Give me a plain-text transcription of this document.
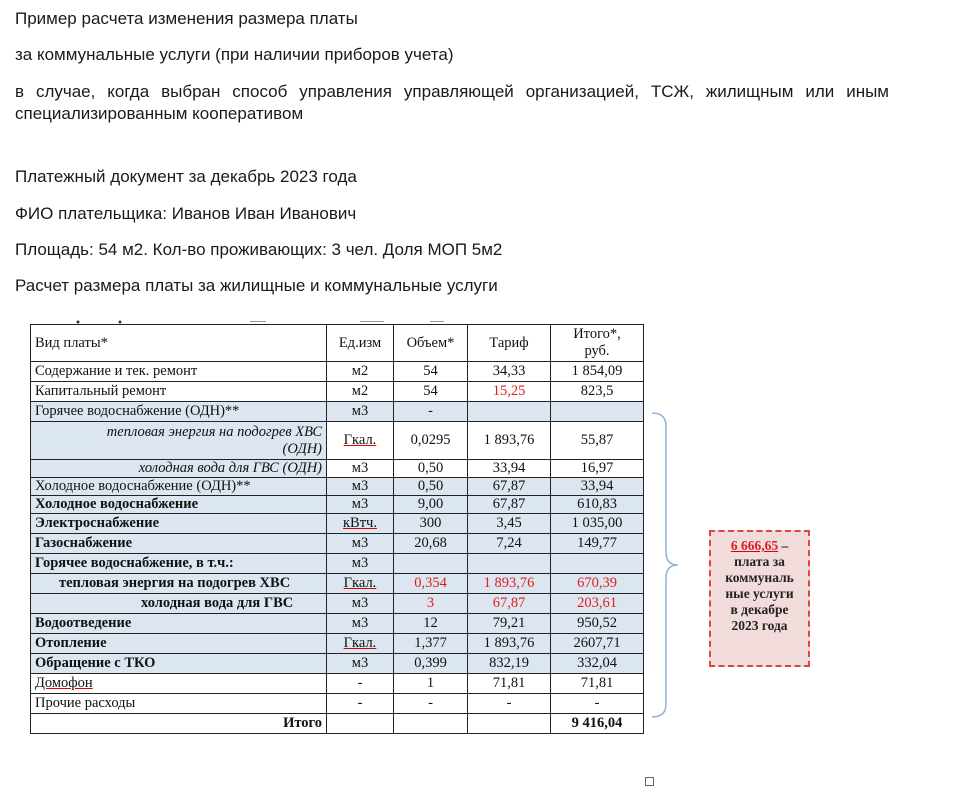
Пример расчета изменения размера платы
за коммунальные услуги (при наличии приборов учета)
в случае, когда выбран способ управления управляющей организацией, ТСЖ, жилищным или иным специализированным кооперативом
Платежный документ за декабрь 2023 года
ФИО плательщика: Иванов Иван Иванович
Площадь: 54 м2. Кол-во проживающих: 3 чел. Доля МОП 5м2
Расчет размера платы за жилищные и коммунальные услуги
Вид платы*	Ед.изм	Объем*	Тариф	Итого*,
руб.

Содержание и тек. ремонт	м2	54	34,33	1 854,09
Капитальный ремонт	м2	54	15,25	823,5
Горячее водоснабжение (ОДН)**	м3	-		

тепловая энергия на подогрев ХВС
(ОДН)	Гкал.	0,0295	1 893,76	55,87
холодная вода для ГВС (ОДН)	м3	0,50	33,94	16,97
Холодное водоснабжение (ОДН)**	м3	0,50	67,87	33,94
Холодное водоснабжение	м3	9,00	67,87	610,83
Электроснабжение	кВтч.	300	3,45	1 035,00
Газоснабжение	м3	20,68	7,24	149,77
Горячее водоснабжение, в т.ч.:	м3			
тепловая энергия на подогрев ХВС	Гкал.	0,354	1 893,76	670,39
холодная вода для ГВС	м3	3	67,87	203,61
Водоотведение	м3	12	79,21	950,52
Отопление	Гкал.	1,377	1 893,76	2607,71
Обращение с ТКО	м3	0,399	832,19	332,04
Домофон	-	1	71,81	71,81
Прочие расходы	-	-	-	-
Итого				9 416,04
6 666,65 –
плата за
коммуналь
ные услуги
в декабре
2023 года
